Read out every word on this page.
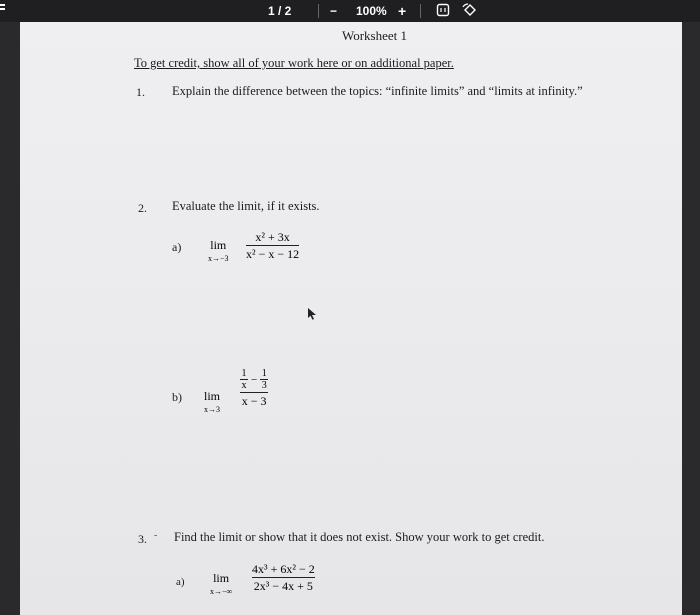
1 / 2	− 100% +
Worksheet 1
To get credit, show all of your work here or on additional paper.
1. Explain the difference between the topics: “infinite limits” and “limits at infinity.”
2. Evaluate the limit, if it exists.
a) lim
x→−3
x² + 3x
x² − x − 12
b) lim
x→3
1
x − 1
3
x − 3
3. - Find the limit or show that it does not exist. Show your work to get credit.
a) lim
x→−∞
4x³ + 6x² − 2
2x³ − 4x + 5
